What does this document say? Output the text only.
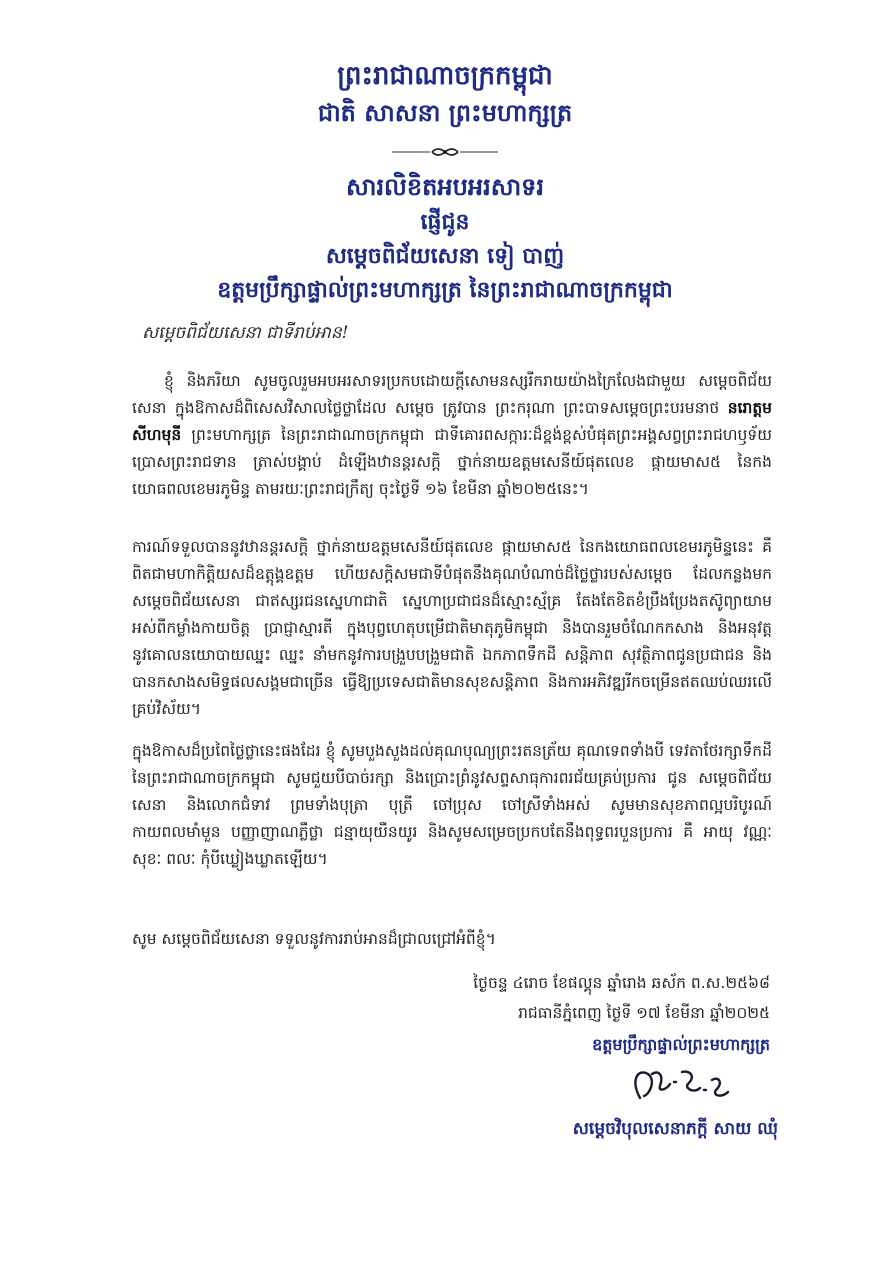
ព្រះរាជាណាចក្រកម្ពុជា
ជាតិ សាសនា ព្រះមហាក្សត្រ
សារលិខិតអបអរសាទរ
ផ្ញើជូន
សម្ដេចពិជ័យសេនា ទៀ បាញ់
ឧត្តមប្រឹក្សាផ្ទាល់ព្រះមហាក្សត្រ នៃព្រះរាជាណាចក្រកម្ពុជា
សម្ដេចពិជ័យសេនា ជាទីរាប់អាន!
ខ្ញុំ និងភរិយា សូមចូលរួមអបអរសាទរប្រកបដោយក្តីសោមនស្សរីករាយយ៉ាងក្រៃលែងជាមួយ សម្ដេចពិជ័យសេនា ក្នុងឱកាសដ៏ពិសេសវិសាលថ្លៃថ្លាដែល សម្ដេច ត្រូវបាន ព្រះករុណា ព្រះបាទសម្ដេចព្រះបរមនាថ នរោត្តម សីហមុនី ព្រះមហាក្សត្រ នៃព្រះរាជាណាចក្រកម្ពុជា ជាទីគោរពសក្ការៈដ៏ខ្ពង់ខ្ពស់បំផុតព្រះអង្គសព្វព្រះរាជហឫទ័យ ប្រោសព្រះរាជទាន ត្រាស់បង្គាប់ ដំឡើងឋានន្តរសក្តិ ថ្នាក់នាយឧត្តមសេនីយ៍ផុតលេខ ផ្កាយមាស៥ នៃកងយោធពលខេមរភូមិន្ទ តាមរយៈព្រះរាជក្រឹត្យ ចុះថ្ងៃទី ១៦ ខែមីនា ឆ្នាំ២០២៥នេះ។
ការណ៍ទទួលបាននូវឋានន្តរសក្តិ ថ្នាក់នាយឧត្តមសេនីយ៍ផុតលេខ ផ្កាយមាស៥ នៃកងយោធពលខេមរភូមិន្ទនេះ គឺពិតជាមហាកិត្តិយសដ៏ឧត្តុង្គឧត្តម ហើយសក្តិសមជាទីបំផុតនឹងគុណបំណាច់ដ៏ថ្លៃថ្លារបស់សម្ដេច ដែលកន្លងមកសម្ដេចពិជ័យសេនា ជាឥស្សរជនស្នេហាជាតិ ស្នេហាប្រជាជនដ៏ស្មោះស្ម័គ្រ តែងតែខិតខំប្រឹងប្រែងតស៊ូព្យាយាមអស់ពីកម្លាំងកាយចិត្ត ប្រាជ្ញាស្មារតី ក្នុងបុព្វហេតុបម្រើជាតិមាតុភូមិកម្ពុជា និងបានរួមចំណែកកសាង និងអនុវត្តនូវគោលនយោបាយឈ្នះ ឈ្នះ នាំមកនូវការបង្រួបបង្រួមជាតិ ឯកភាពទឹកដី សន្តិភាព សុវត្ថិភាពជូនប្រជាជន និងបានកសាងសមិទ្ធផលសង្គមជាច្រើន ធ្វើឱ្យប្រទេសជាតិមានសុខសន្តិភាព និងការអភិវឌ្ឍរីកចម្រើនឥតឈប់ឈរលើគ្រប់វិស័យ។
ក្នុងឱកាសដ៏ប្រពៃថ្លៃថ្លានេះផងដែរ ខ្ញុំ សូមបួងសួងដល់គុណបុណ្យព្រះរតនត្រ័យ គុណទេពទាំងបី ទេវតាថែរក្សាទឹកដី នៃព្រះរាជាណាចក្រកម្ពុជា សូមជួយបីបាច់រក្សា និងប្រោះព្រំនូវសព្ទសាធុការពរជ័យគ្រប់ប្រការ ជូន សម្ដេចពិជ័យសេនា និងលោកជំទាវ ព្រមទាំងបុត្រា បុត្រី ចៅប្រុស ចៅស្រីទាំងអស់ សូមមានសុខភាពល្អបរិបូរណ៍ កាយពលមាំមួន បញ្ញាញាណភ្លឺថ្លា ជន្មាយុយឺនយូរ និងសូមសម្រេចប្រកបតែនឹងពុទ្ធពរបួនប្រការ គឺ អាយុ វណ្ណៈ សុខៈ ពលៈ កុំបីឃ្លៀងឃ្លាតឡើយ។
សូម សម្ដេចពិជ័យសេនា ទទួលនូវការរាប់អានដ៏ជ្រាលជ្រៅអំពីខ្ញុំ។
ថ្ងៃចន្ទ ៤រោច ខែផល្គុន ឆ្នាំរោង ឆស័ក ព.ស.២៥៦៨
រាជធានីភ្នំពេញ ថ្ងៃទី ១៧ ខែមីនា ឆ្នាំ២០២៥
ឧត្តមប្រឹក្សាផ្ទាល់ព្រះមហាក្សត្រ
សម្ដេចវិបុលសេនាភក្តី សាយ ឈុំ
